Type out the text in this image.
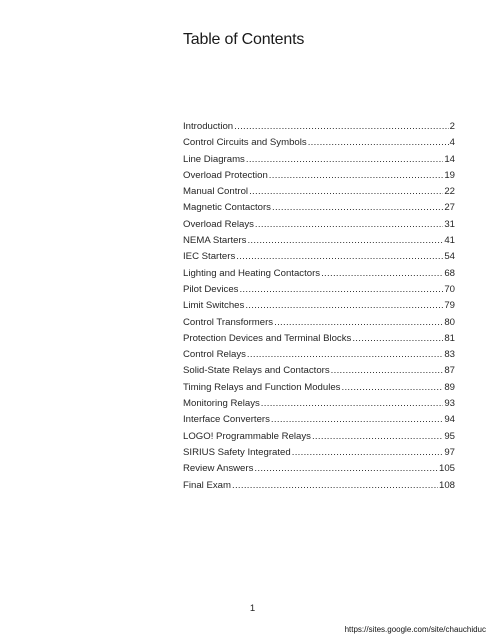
Table of Contents
Introduction .....	2
Control Circuits and Symbols .....	4
Line Diagrams .....	14
Overload Protection .....	19
Manual Control .....	22
Magnetic Contactors .....	27
Overload Relays .....	31
NEMA Starters .....	41
IEC Starters .....	54
Lighting and Heating Contactors .....	68
Pilot Devices .....	70
Limit Switches .....	79
Control Transformers .....	80
Protection Devices and Terminal Blocks .....	81
Control Relays .....	83
Solid-State Relays and Contactors .....	87
Timing Relays and Function Modules .....	89
Monitoring Relays .....	93
Interface Converters .....	94
LOGO! Programmable Relays .....	95
SIRIUS Safety Integrated .....	97
Review Answers .....	105
Final Exam .....	108
1
https://sites.google.com/site/chauchiduc
